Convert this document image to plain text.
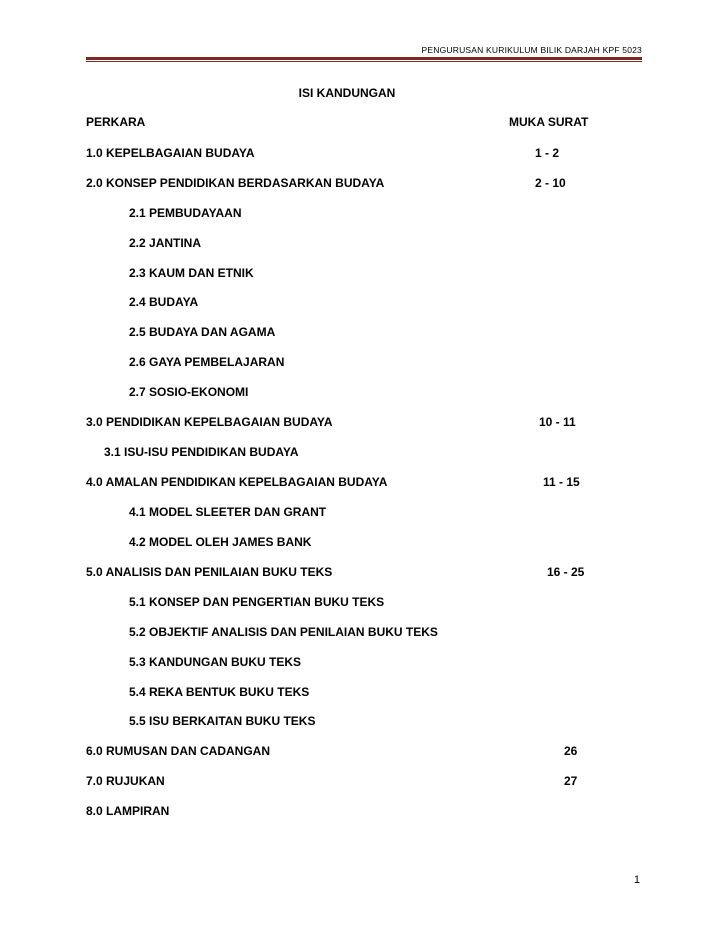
PENGURUSAN KURIKULUM BILIK DARJAH KPF 5023
ISI KANDUNGAN
PERKARA	MUKA SURAT
1.0 KEPELBAGAIAN BUDAYA	1 - 2
2.0 KONSEP PENDIDIKAN BERDASARKAN BUDAYA	2 - 10
2.1 PEMBUDAYAAN
2.2 JANTINA
2.3 KAUM DAN ETNIK
2.4 BUDAYA
2.5 BUDAYA DAN AGAMA
2.6 GAYA PEMBELAJARAN
2.7 SOSIO-EKONOMI
3.0 PENDIDIKAN KEPELBAGAIAN BUDAYA	10 - 11
3.1 ISU-ISU PENDIDIKAN BUDAYA
4.0 AMALAN PENDIDIKAN KEPELBAGAIAN BUDAYA	11 - 15
4.1 MODEL SLEETER DAN GRANT
4.2 MODEL OLEH JAMES BANK
5.0 ANALISIS DAN PENILAIAN BUKU TEKS	16 - 25
5.1 KONSEP DAN PENGERTIAN BUKU TEKS
5.2 OBJEKTIF ANALISIS DAN PENILAIAN BUKU TEKS
5.3 KANDUNGAN BUKU TEKS
5.4 REKA BENTUK BUKU TEKS
5.5 ISU BERKAITAN BUKU TEKS
6.0 RUMUSAN DAN CADANGAN	26
7.0 RUJUKAN	27
8.0 LAMPIRAN
1
